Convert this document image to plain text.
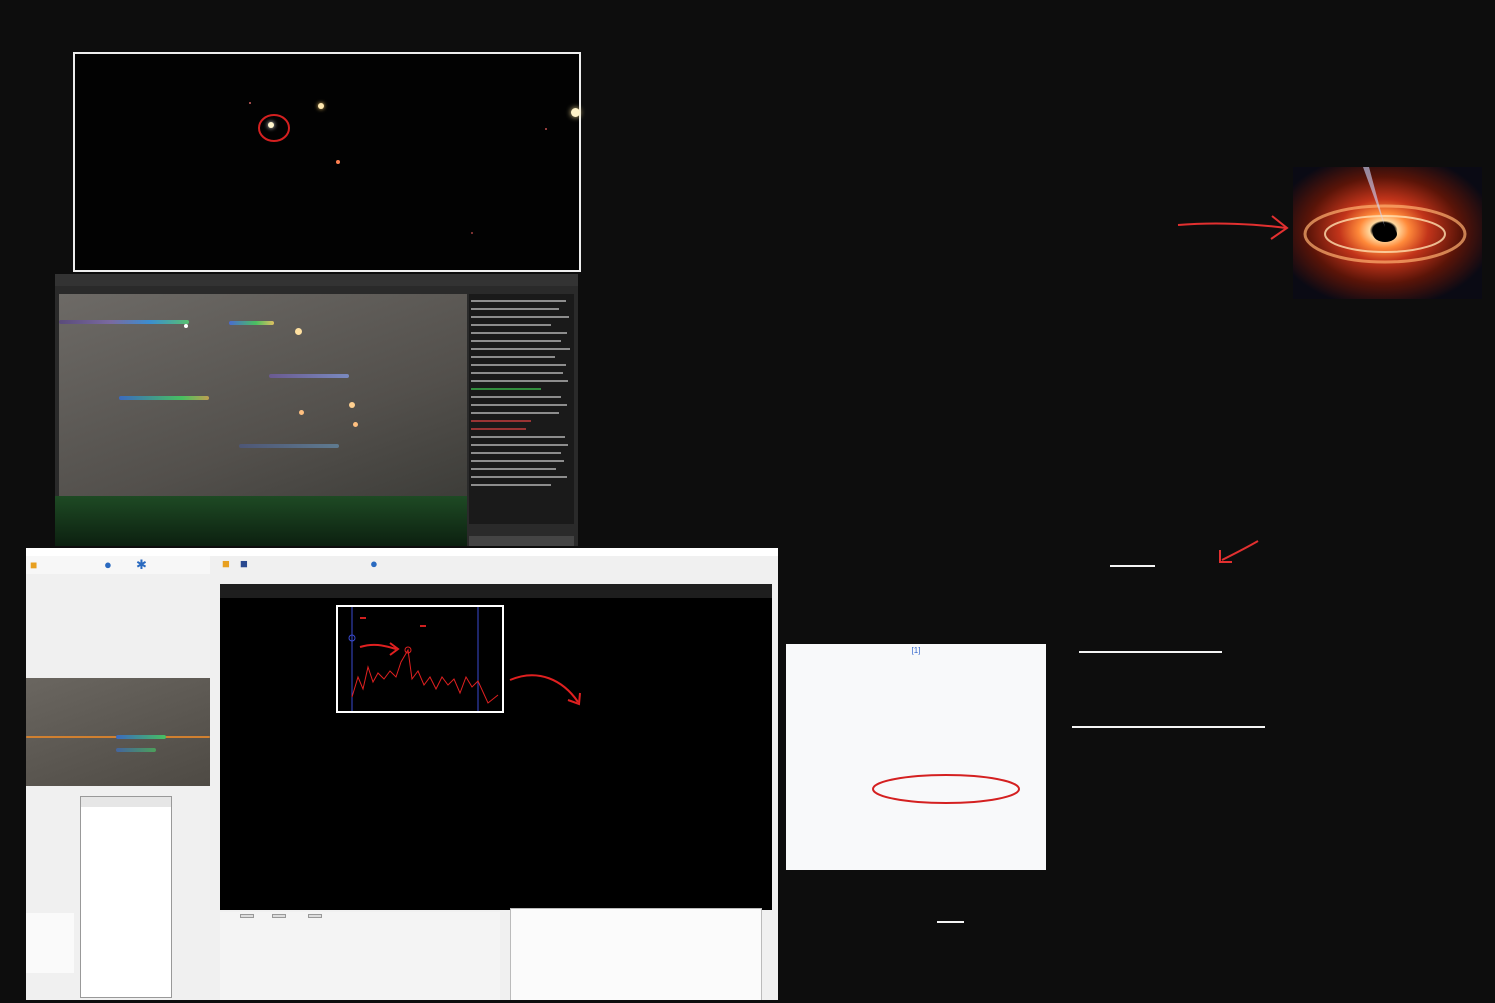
■	● ✱	■ ■	●
[1]
